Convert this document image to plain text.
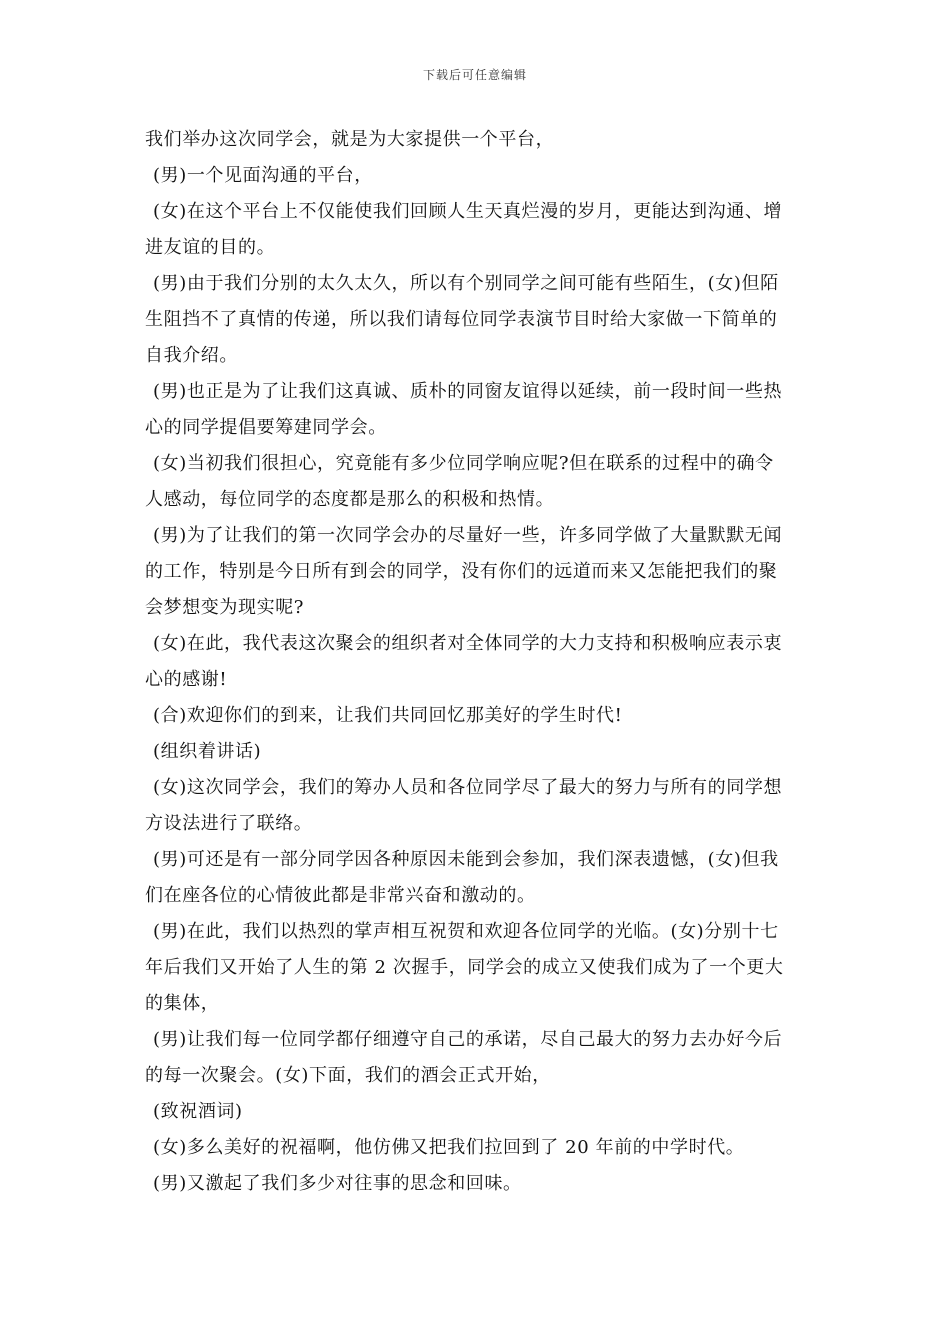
下载后可任意编辑
我们举办这次同学会，就是为大家提供一个平台，
(男)一个见面沟通的平台，
(女)在这个平台上不仅能使我们回顾人生天真烂漫的岁月，更能达到沟通、增
进友谊的目的。
(男)由于我们分别的太久太久，所以有个别同学之间可能有些陌生，(女)但陌
生阻挡不了真情的传递，所以我们请每位同学表演节目时给大家做一下简单的
自我介绍。
(男)也正是为了让我们这真诚、质朴的同窗友谊得以延续，前一段时间一些热
心的同学提倡要筹建同学会。
(女)当初我们很担心，究竟能有多少位同学响应呢?但在联系的过程中的确令
人感动，每位同学的态度都是那么的积极和热情。
(男)为了让我们的第一次同学会办的尽量好一些，许多同学做了大量默默无闻
的工作，特别是今日所有到会的同学，没有你们的远道而来又怎能把我们的聚
会梦想变为现实呢?
(女)在此，我代表这次聚会的组织者对全体同学的大力支持和积极响应表示衷
心的感谢!
(合)欢迎你们的到来，让我们共同回忆那美好的学生时代!
(组织着讲话)
(女)这次同学会，我们的筹办人员和各位同学尽了最大的努力与所有的同学想
方设法进行了联络。
(男)可还是有一部分同学因各种原因未能到会参加，我们深表遗憾，(女)但我
们在座各位的心情彼此都是非常兴奋和激动的。
(男)在此，我们以热烈的掌声相互祝贺和欢迎各位同学的光临。(女)分别十七
年后我们又开始了人生的第 2 次握手，同学会的成立又使我们成为了一个更大
的集体，
(男)让我们每一位同学都仔细遵守自己的承诺，尽自己最大的努力去办好今后
的每一次聚会。(女)下面，我们的酒会正式开始，
(致祝酒词)
(女)多么美好的祝福啊，他仿佛又把我们拉回到了 20 年前的中学时代。
(男)又激起了我们多少对往事的思念和回味。
